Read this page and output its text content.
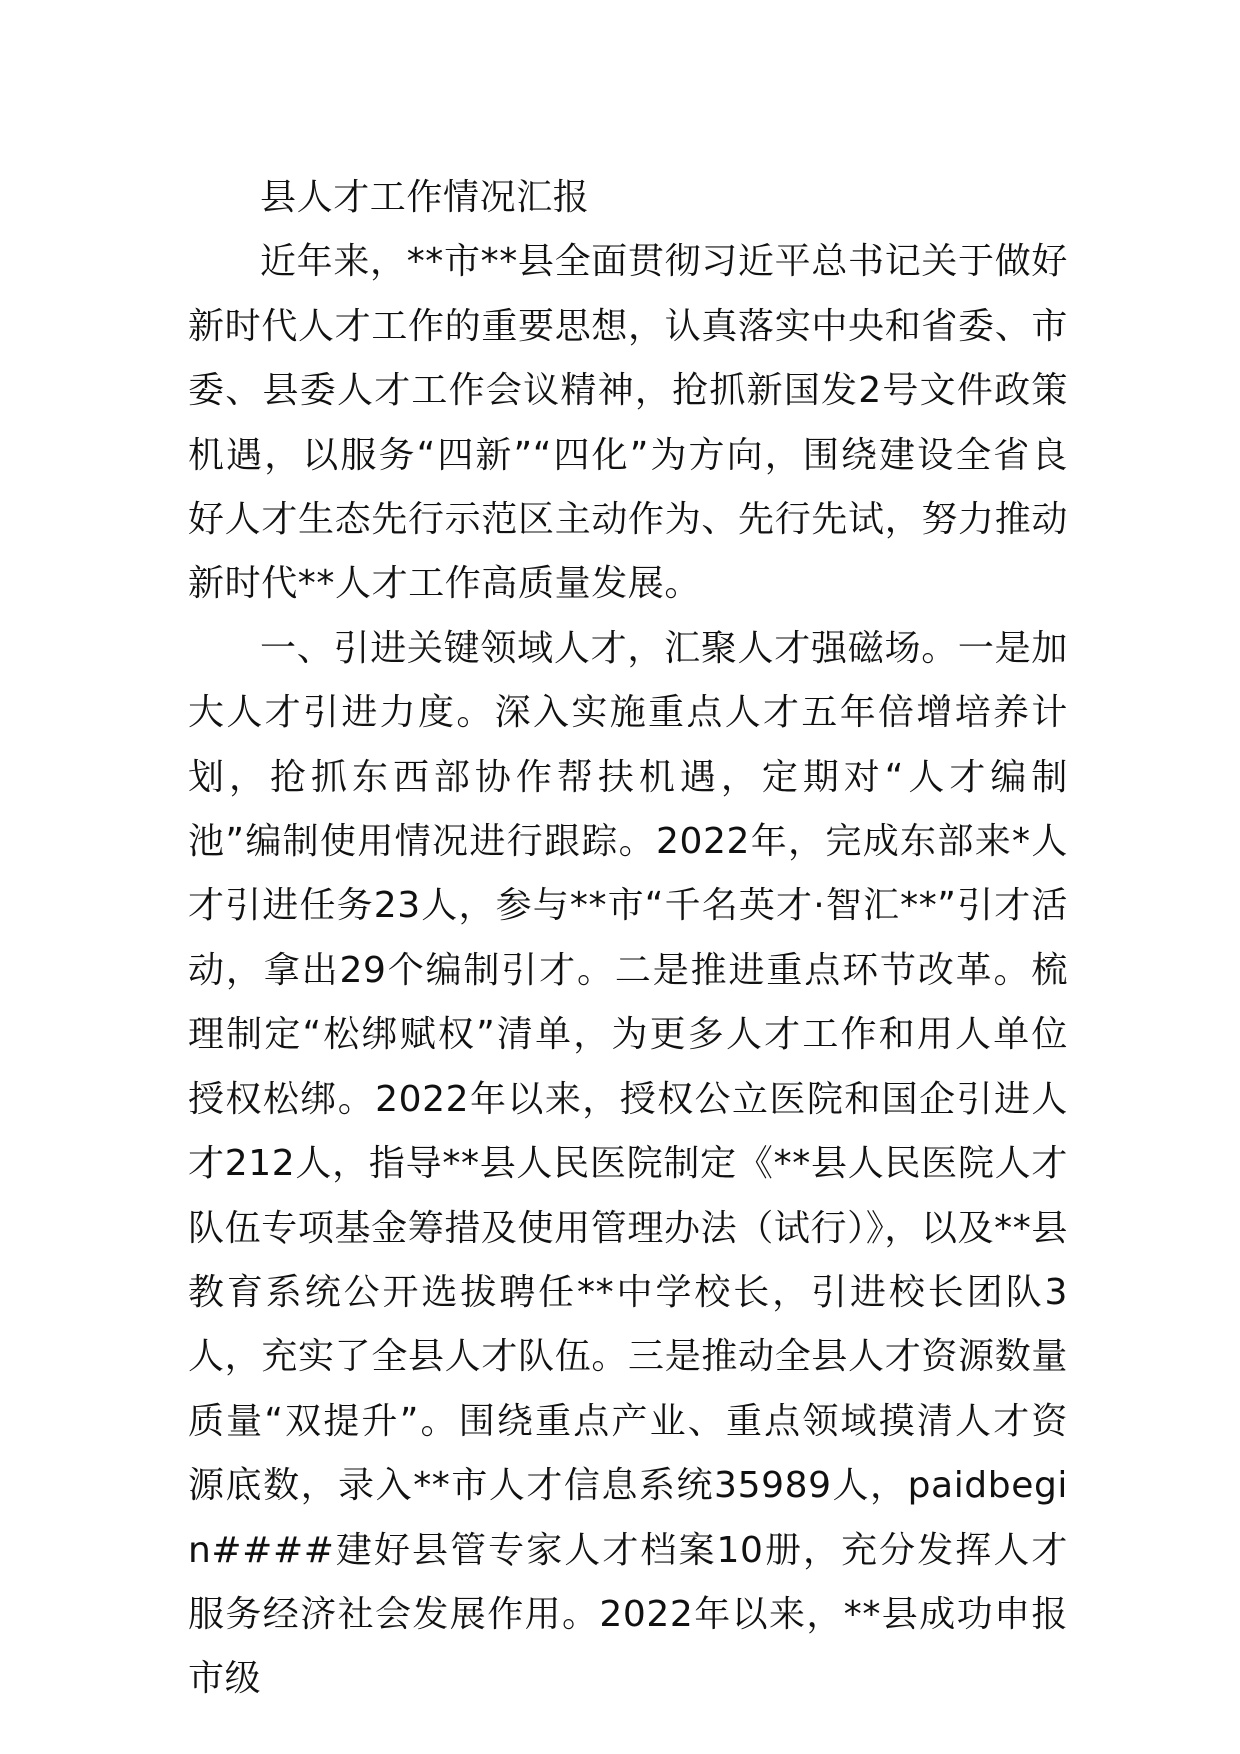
县人才工作情况汇报

近年来，**市**县全面贯彻习近平总书记关于做好新时代人才工作的重要思想，认真落实中央和省委、市委、县委人才工作会议精神，抢抓新国发2号文件政策机遇，以服务“四新”“四化”为方向，围绕建设全省良好人才生态先行示范区主动作为、先行先试，努力推动新时代**人才工作高质量发展。

一、引进关键领域人才，汇聚人才强磁场。一是加大人才引进力度。深入实施重点人才五年倍增培养计划，抢抓东西部协作帮扶机遇，定期对“人才编制池”编制使用情况进行跟踪。2022年，完成东部来*人才引进任务23人，参与**市“千名英才·智汇**”引才活动，拿出29个编制引才。二是推进重点环节改革。梳理制定“松绑赋权”清单，为更多人才工作和用人单位授权松绑。2022年以来，授权公立医院和国企引进人才212人，指导**县人民医院制定《**县人民医院人才队伍专项基金筹措及使用管理办法（试行）》，以及**县教育系统公开选拔聘任**中学校长，引进校长团队3人，充实了全县人才队伍。三是推动全县人才资源数量质量“双提升”。围绕重点产业、重点领域摸清人才资源底数，录入**市人才信息系统35989人，paidbegin####建好县管专家人才档案10册，充分发挥人才服务经济社会发展作用。2022年以来，**县成功申报市级
